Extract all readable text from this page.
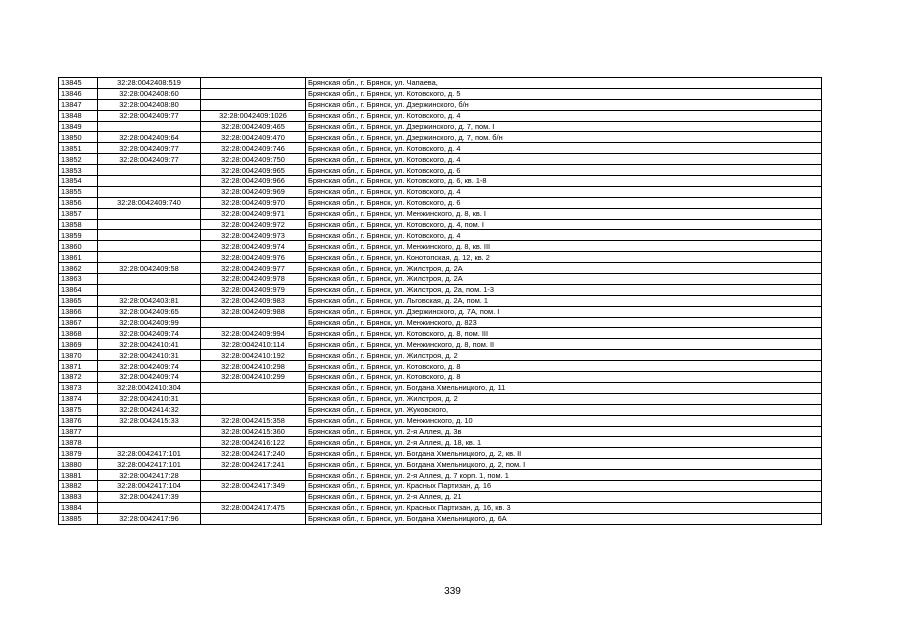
13845	32:28:0042408:519		Брянская обл., г. Брянск, ул. Чапаева,
13846	32:28:0042408:60		Брянская обл., г. Брянск, ул. Котовского, д. 5
13847	32:28:0042408:80		Брянская обл., г. Брянск, ул. Дзержинского, б/н
13848	32:28:0042409:77	32:28:0042409:1026	Брянская обл., г. Брянск, ул. Котовского, д. 4
13849		32:28:0042409:465	Брянская обл., г. Брянск, ул. Дзержинского, д. 7, пом. I
13850	32:28:0042409:64	32:28:0042409:470	Брянская обл., г. Брянск, ул. Дзержинского, д. 7, пом. б/н
13851	32:28:0042409:77	32:28:0042409:746	Брянская обл., г. Брянск, ул. Котовского, д. 4
13852	32:28:0042409:77	32:28:0042409:750	Брянская обл., г. Брянск, ул. Котовского, д. 4
13853		32:28:0042409:965	Брянская обл., г. Брянск, ул. Котовского, д. 6
13854		32:28:0042409:966	Брянская обл., г. Брянск, ул. Котовского, д. 6, кв. 1-8
13855		32:28:0042409:969	Брянская обл., г. Брянск, ул. Котовского, д. 4
13856	32:28:0042409:740	32:28:0042409:970	Брянская обл., г. Брянск, ул. Котовского, д. 6
13857		32:28:0042409:971	Брянская обл., г. Брянск, ул. Менжинского, д. 8, кв. I
13858		32:28:0042409:972	Брянская обл., г. Брянск, ул. Котовского, д. 4, пом. I
13859		32:28:0042409:973	Брянская обл., г. Брянск, ул. Котовского, д. 4
13860		32:28:0042409:974	Брянская обл., г. Брянск, ул. Менжинского, д. 8, кв. III
13861		32:28:0042409:976	Брянская обл., г. Брянск, ул. Конотопская, д. 12, кв. 2
13862	32:28:0042409:58	32:28:0042409:977	Брянская обл., г. Брянск, ул. Жилстроя, д. 2А
13863		32:28:0042409:978	Брянская обл., г. Брянск, ул. Жилстроя, д. 2А
13864		32:28:0042409:979	Брянская обл., г. Брянск, ул. Жилстроя, д. 2а, пом. 1-3
13865	32:28:0042403:81	32:28:0042409:983	Брянская обл., г. Брянск, ул. Льговская, д. 2А, пом. 1
13866	32:28:0042409:65	32:28:0042409:988	Брянская обл., г. Брянск, ул. Дзержинского, д. 7А, пом. I
13867	32:28:0042409:99		Брянская обл., г. Брянск, ул. Менжинского, д. 823
13868	32:28:0042409:74	32:28:0042409:994	Брянская обл., г. Брянск, ул. Котовского, д. 8, пом. III
13869	32:28:0042410:41	32:28:0042410:114	Брянская обл., г. Брянск, ул. Менжинского, д. 8, пом. II
13870	32:28:0042410:31	32:28:0042410:192	Брянская обл., г. Брянск, ул. Жилстроя, д. 2
13871	32:28:0042409:74	32:28:0042410:298	Брянская обл., г. Брянск, ул. Котовского, д. 8
13872	32:28:0042409:74	32:28:0042410:299	Брянская обл., г. Брянск, ул. Котовского, д. 8
13873	32:28:0042410:304		Брянская обл., г. Брянск, ул. Богдана Хмельницкого, д. 11
13874	32:28:0042410:31		Брянская обл., г. Брянск, ул. Жилстроя, д. 2
13875	32:28:0042414:32		Брянская обл., г. Брянск, ул. Жуковского,
13876	32:28:0042415:33	32:28:0042415:358	Брянская обл., г. Брянск, ул. Менжинского, д. 10
13877		32:28:0042415:360	Брянская обл., г. Брянск, ул. 2-я Аллея, д. 3в
13878		32:28:0042416:122	Брянская обл., г. Брянск, ул. 2-я Аллея, д. 18, кв. 1
13879	32:28:0042417:101	32:28:0042417:240	Брянская обл., г. Брянск, ул. Богдана Хмельницкого, д. 2, кв. II
13880	32:28:0042417:101	32:28:0042417:241	Брянская обл., г. Брянск, ул. Богдана Хмельницкого, д. 2, пом. I
13881	32:28:0042417:28		Брянская обл., г. Брянск, ул. 2-я Аллея, д. 7 корп. 1, пом. 1
13882	32:28:0042417:104	32:28:0042417:349	Брянская обл., г. Брянск, ул. Красных Партизан, д. 16
13883	32:28:0042417:39		Брянская обл., г. Брянск, ул. 2-я Аллея, д. 21
13884		32:28:0042417:475	Брянская обл., г. Брянск, ул. Красных Партизан, д. 16, кв. 3
13885	32:28:0042417:96		Брянская обл., г. Брянск, ул. Богдана Хмельницкого, д. 6А
339
